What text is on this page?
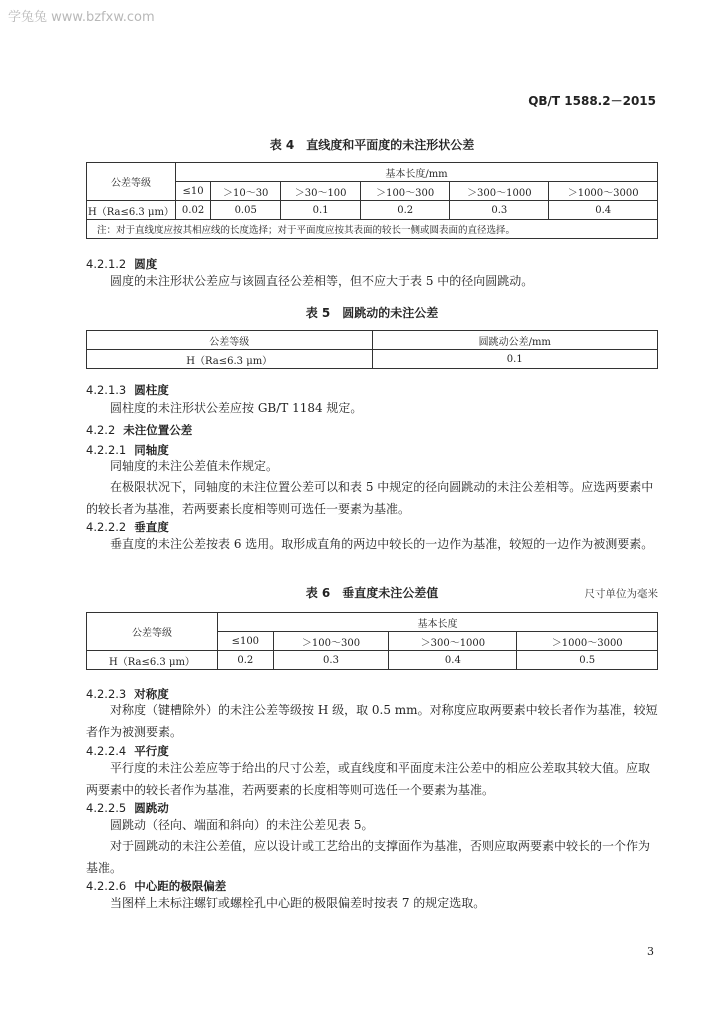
学兔兔 www.bzfxw.com
QB/T 1588.2－2015
表 4　直线度和平面度的未注形状公差
公差等级	基本长度/mm					
	≤10	＞10～30	＞30～100	＞100～300	＞300～1000	＞1000～3000
H（Ra≤6.3 μm）	0.02	0.05	0.1	0.2	0.3	0.4
注：对于直线度应按其相应线的长度选择；对于平面度应按其表面的较长一侧或圆表面的直径选择。						
4.2.1.2 圆度

圆度的未注形状公差应与该圆直径公差相等，但不应大于表 5 中的径向圆跳动。

表 5　圆跳动的未注公差
公差等级	圆跳动公差/mm
H（Ra≤6.3 μm）	0.1
4.2.1.3 圆柱度

圆柱度的未注形状公差应按 GB/T 1184 规定。

4.2.2 未注位置公差
4.2.2.1 同轴度

同轴度的未注公差值未作规定。

在极限状况下，同轴度的未注位置公差可以和表 5 中规定的径向圆跳动的未注公差相等。应选两要素中的较长者为基准，若两要素长度相等则可选任一要素为基准。

4.2.2.2 垂直度

垂直度的未注公差按表 6 选用。取形成直角的两边中较长的一边作为基准，较短的一边作为被测要素。

表 6　垂直度未注公差值	尺寸单位为毫米
公差等级	基本长度			
	≤100	＞100～300	＞300～1000	＞1000～3000
H（Ra≤6.3 μm）	0.2	0.3	0.4	0.5
4.2.2.3 对称度

对称度（键槽除外）的未注公差等级按 H 级，取 0.5 mm。对称度应取两要素中较长者作为基准，较短者作为被测要素。

4.2.2.4 平行度

平行度的未注公差应等于给出的尺寸公差，或直线度和平面度未注公差中的相应公差取其较大值。应取两要素中的较长者作为基准，若两要素的长度相等则可选任一个要素为基准。

4.2.2.5 圆跳动

圆跳动（径向、端面和斜向）的未注公差见表 5。

对于圆跳动的未注公差值，应以设计或工艺给出的支撑面作为基准，否则应取两要素中较长的一个作为基准。

4.2.2.6 中心距的极限偏差

当图样上未标注螺钉或螺栓孔中心距的极限偏差时按表 7 的规定选取。

3
